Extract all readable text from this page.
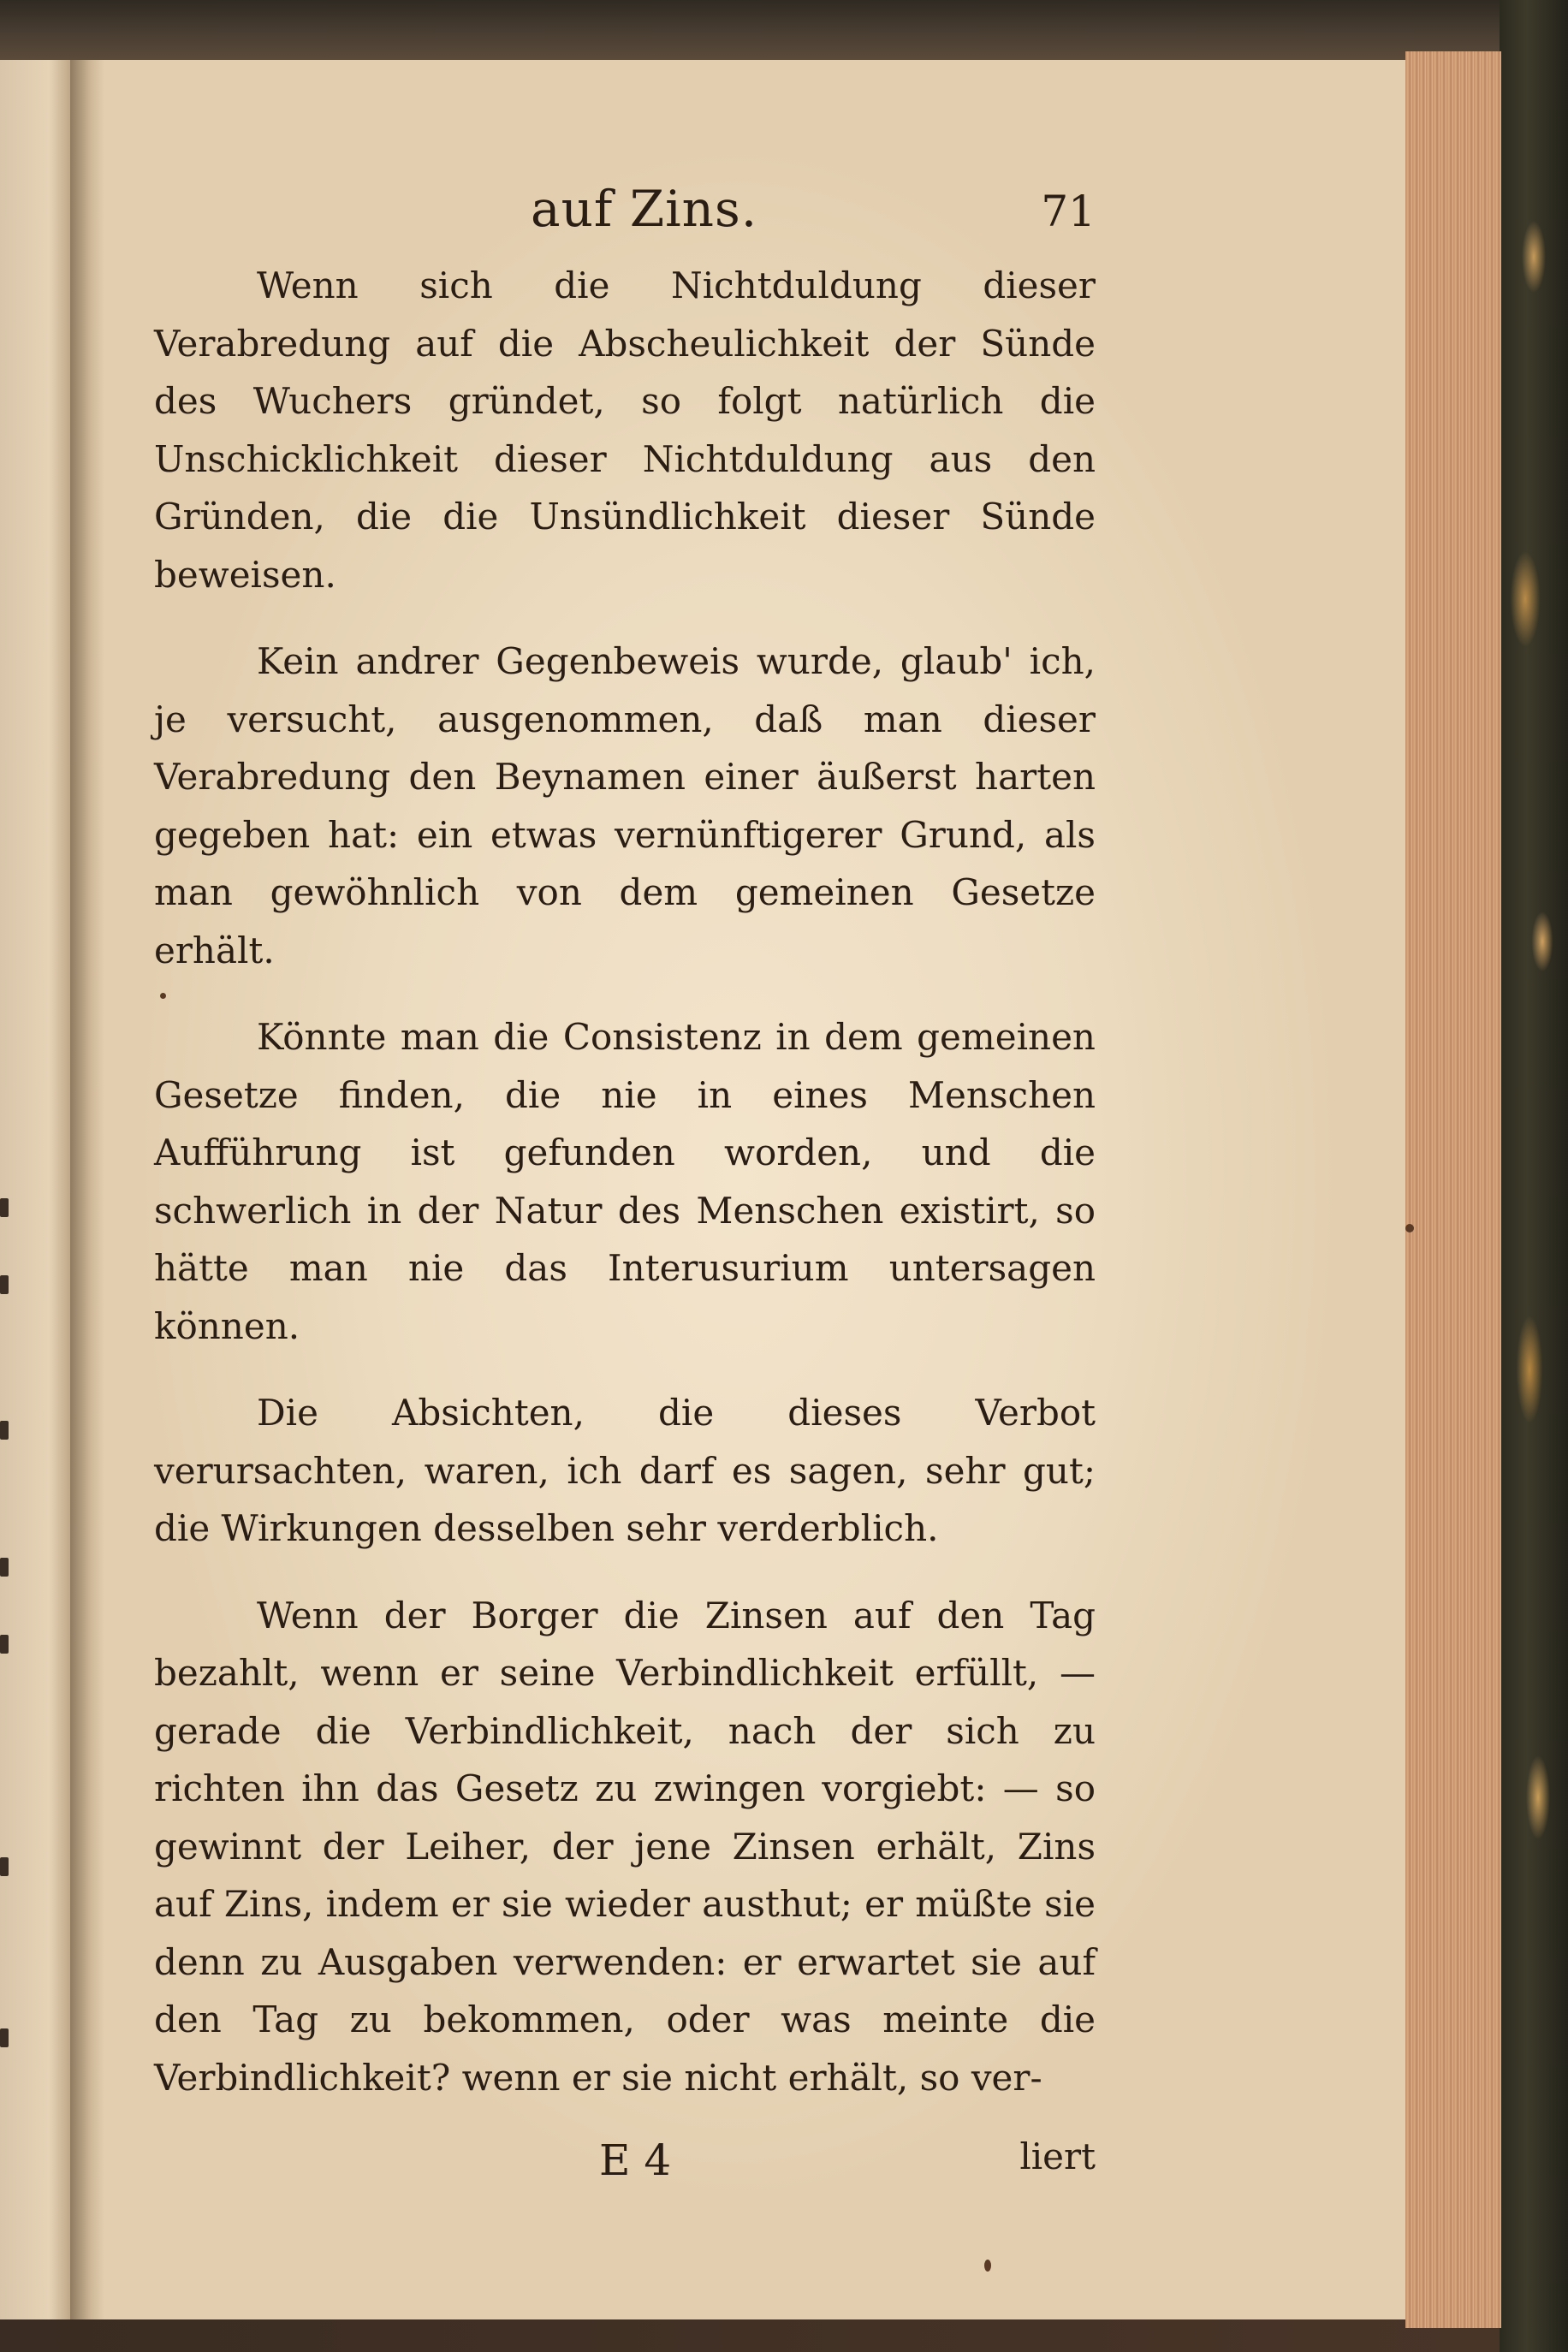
auf Zins.	71

Wenn sich die Nichtduldung dieser Verabredung auf die Abscheulichkeit der Sünde des Wuchers gründet, so folgt natürlich die Unschicklichkeit dieser Nichtduldung aus den Gründen, die die Unsündlichkeit dieser Sünde beweisen.

Kein andrer Gegenbeweis wurde, glaub' ich, je versucht, ausgenommen, daß man dieser Verabredung den Beynamen einer äußerst harten gegeben hat: ein etwas vernünftigerer Grund, als man gewöhnlich von dem gemeinen Gesetze erhält.

Könnte man die Consistenz in dem gemeinen Gesetze finden, die nie in eines Menschen Aufführung ist gefunden worden, und die schwerlich in der Natur des Menschen existirt, so hätte man nie das Interusurium untersagen können.

Die Absichten, die dieses Verbot verursachten, waren, ich darf es sagen, sehr gut; die Wirkungen desselben sehr verderblich.

Wenn der Borger die Zinsen auf den Tag bezahlt, wenn er seine Verbindlichkeit erfüllt, — gerade die Verbindlichkeit, nach der sich zu richten ihn das Gesetz zu zwingen vorgiebt: — so gewinnt der Leiher, der jene Zinsen erhält, Zins auf Zins, indem er sie wieder austhut; er müßte sie denn zu Ausgaben verwenden: er erwartet sie auf den Tag zu bekommen, oder was meinte die Verbindlichkeit? wenn er sie nicht erhält, so ver-

E 4	liert
